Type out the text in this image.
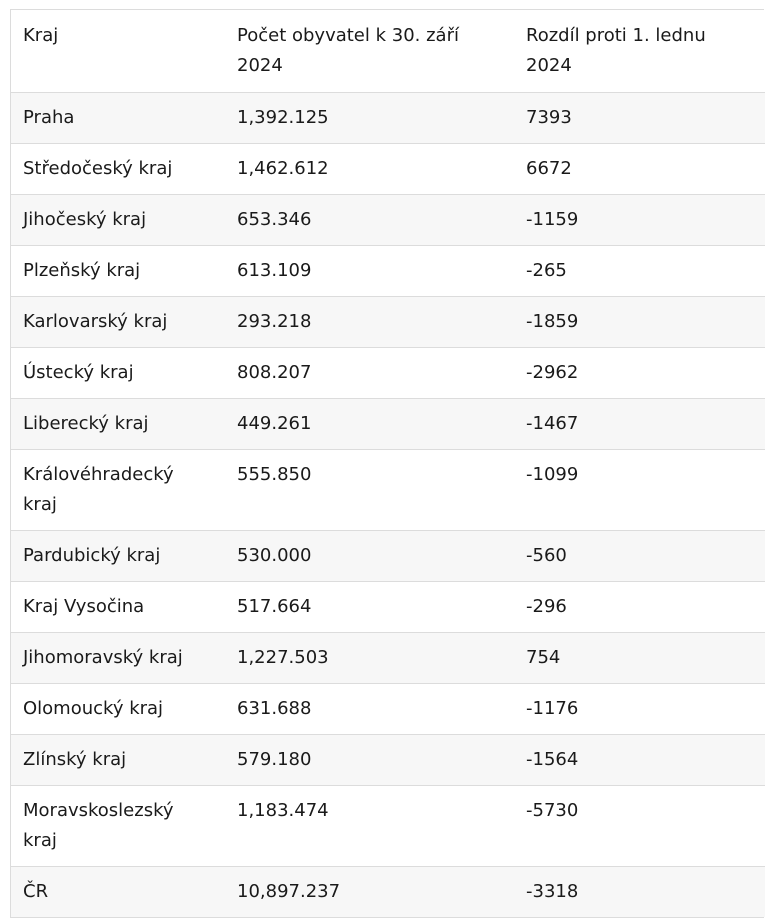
Kraj	Počet obyvatel k 30. září 2024	Rozdíl proti 1. lednu 2024
Praha	1,392.125	7393
Středočeský kraj	1,462.612	6672
Jihočeský kraj	653.346	-1159
Plzeňský kraj	613.109	-265
Karlovarský kraj	293.218	-1859
Ústecký kraj	808.207	-2962
Liberecký kraj	449.261	-1467
Královéhradecký kraj	555.850	-1099
Pardubický kraj	530.000	-560
Kraj Vysočina	517.664	-296
Jihomoravský kraj	1,227.503	754
Olomoucký kraj	631.688	-1176
Zlínský kraj	579.180	-1564
Moravskoslezský kraj	1,183.474	-5730
ČR	10,897.237	-3318
